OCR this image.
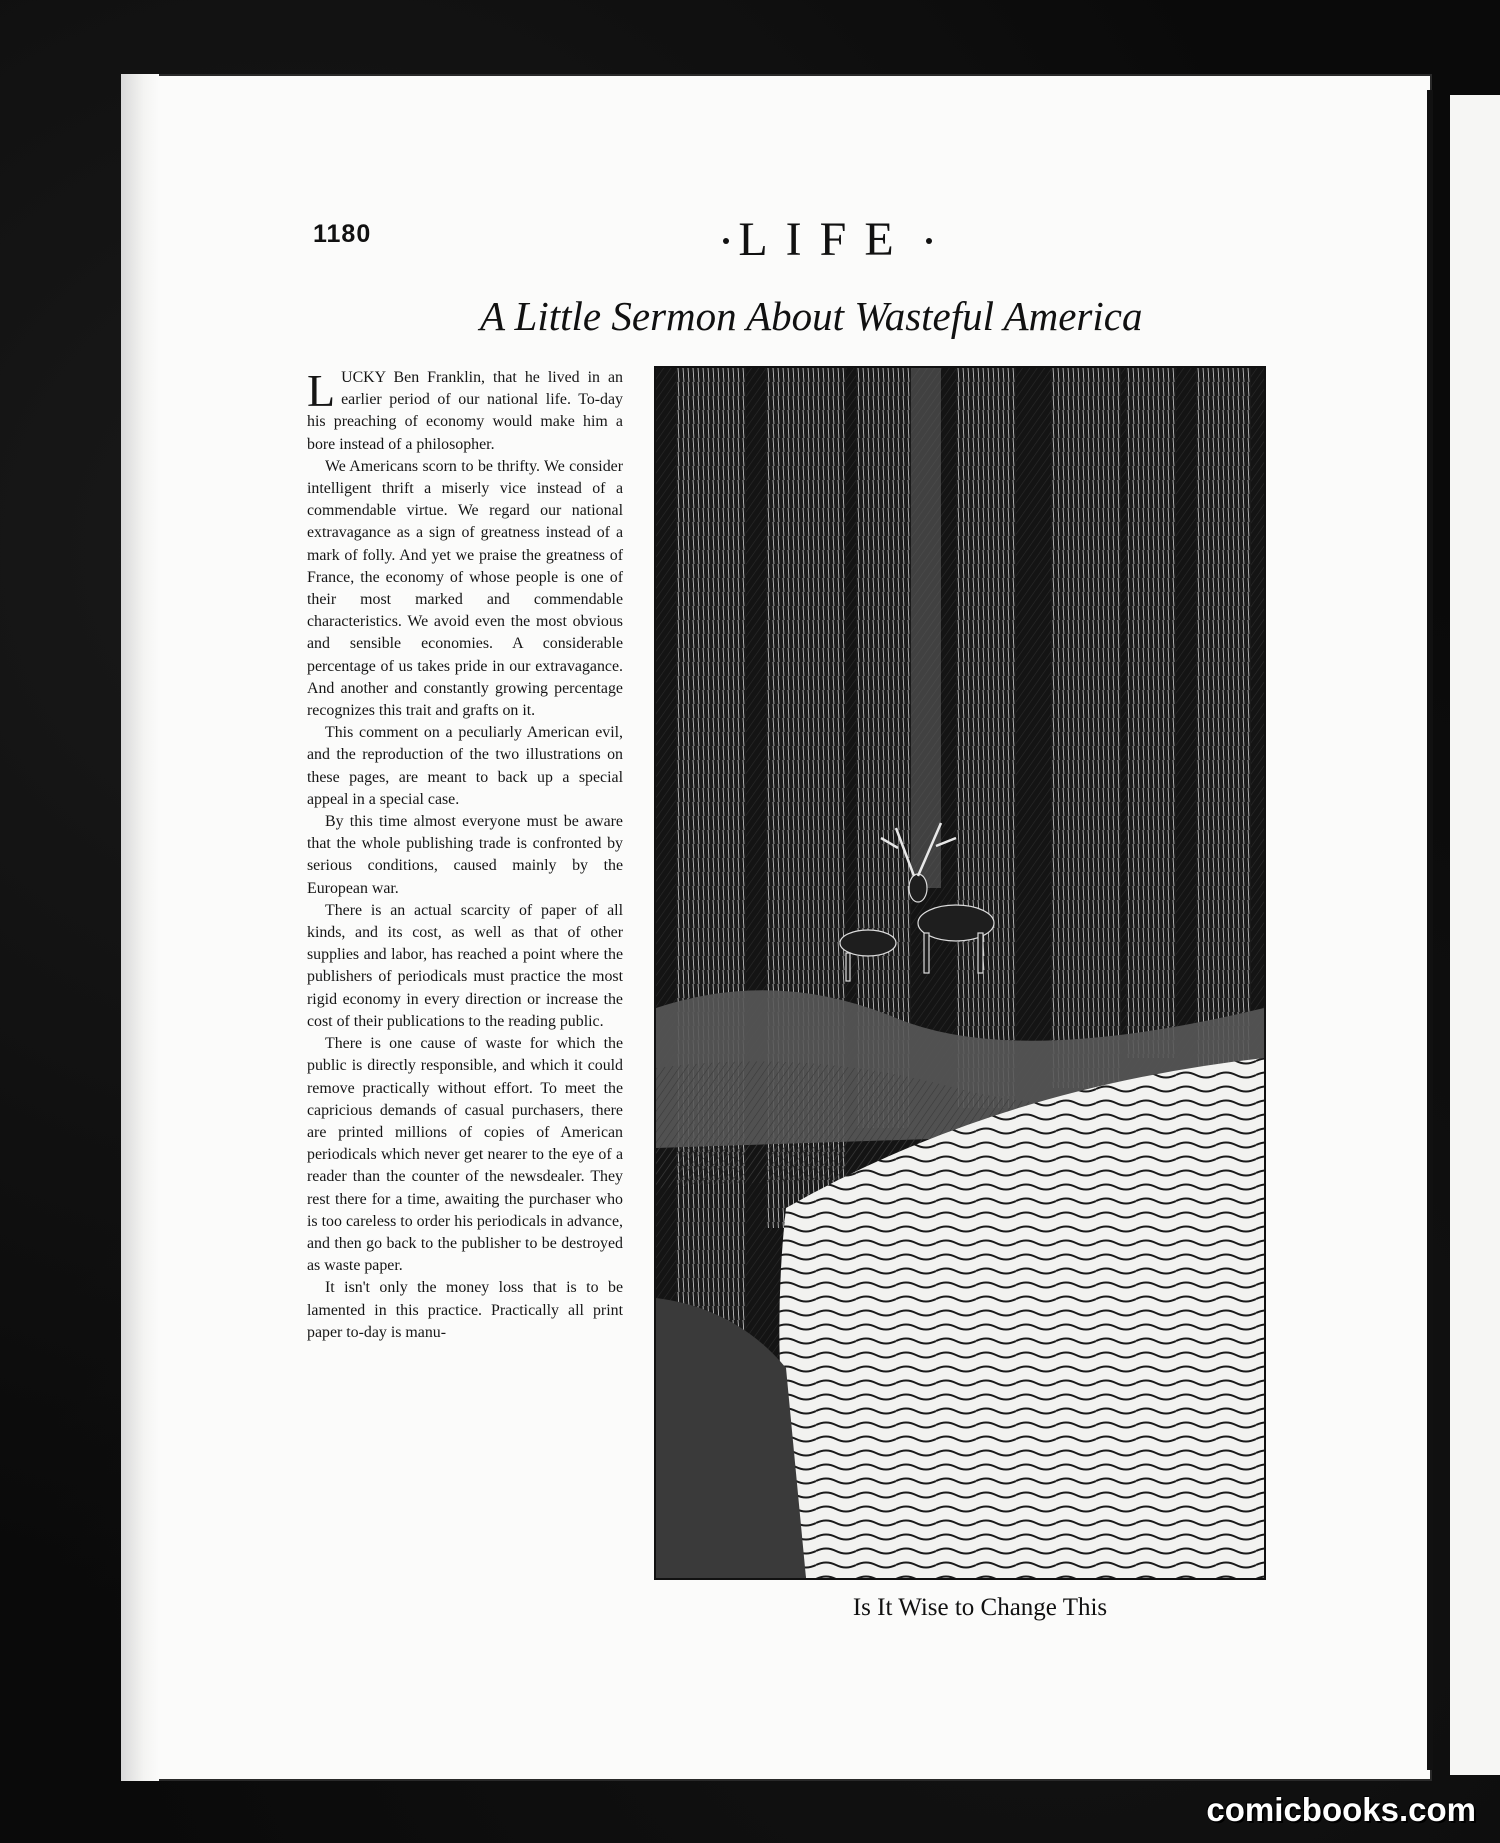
1180	LIFE
A Little Sermon About Wasteful America

LUCKY Ben Franklin, that he lived in an earlier period of our national life. To-day his preaching of economy would make him a bore instead of a philosopher.

We Americans scorn to be thrifty. We consider intelligent thrift a miserly vice instead of a commendable virtue. We regard our national extravagance as a sign of greatness instead of a mark of folly. And yet we praise the greatness of France, the economy of whose people is one of their most marked and commendable characteristics. We avoid even the most obvious and sensible economies. A considerable percentage of us takes pride in our extravagance. And another and constantly growing percentage recognizes this trait and grafts on it.

This comment on a peculiarly American evil, and the reproduction of the two illustrations on these pages, are meant to back up a special appeal in a special case.

By this time almost everyone must be aware that the whole publishing trade is confronted by serious conditions, caused mainly by the European war.

There is an actual scarcity of paper of all kinds, and its cost, as well as that of other supplies and labor, has reached a point where the publishers of periodicals must practice the most rigid economy in every direction or increase the cost of their publications to the reading public.

There is one cause of waste for which the public is directly responsible, and which it could remove practically without effort. To meet the capricious demands of casual purchasers, there are printed millions of copies of American periodicals which never get nearer to the eye of a reader than the counter of the newsdealer. They rest there for a time, awaiting the purchaser who is too careless to order his periodicals in advance, and then go back to the publisher to be destroyed as waste paper.

It isn't only the money loss that is to be lamented in this practice. Practically all print paper to-day is manu-

Is It Wise to Change This
comicbooks.com
